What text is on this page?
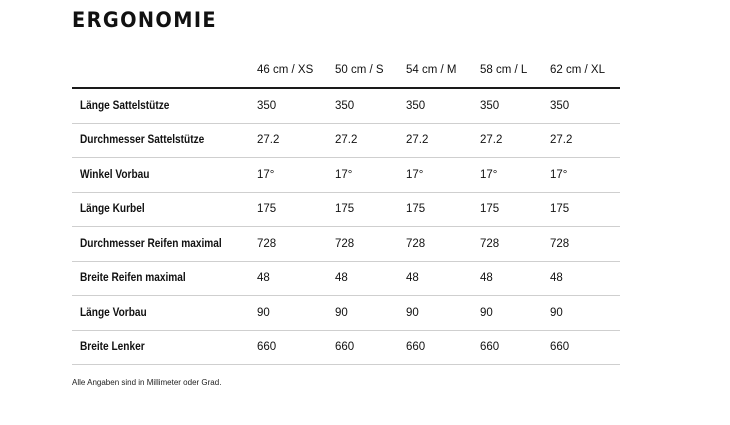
ERGONOMIE
	46 cm / XS	50 cm / S	54 cm / M	58 cm / L	62 cm / XL
Länge Sattelstütze	350	350	350	350	350
Durchmesser Sattelstütze	27.2	27.2	27.2	27.2	27.2
Winkel Vorbau	17°	17°	17°	17°	17°
Länge Kurbel	175	175	175	175	175
Durchmesser Reifen maximal	728	728	728	728	728
Breite Reifen maximal	48	48	48	48	48
Länge Vorbau	90	90	90	90	90
Breite Lenker	660	660	660	660	660
Alle Angaben sind in Millimeter oder Grad.
